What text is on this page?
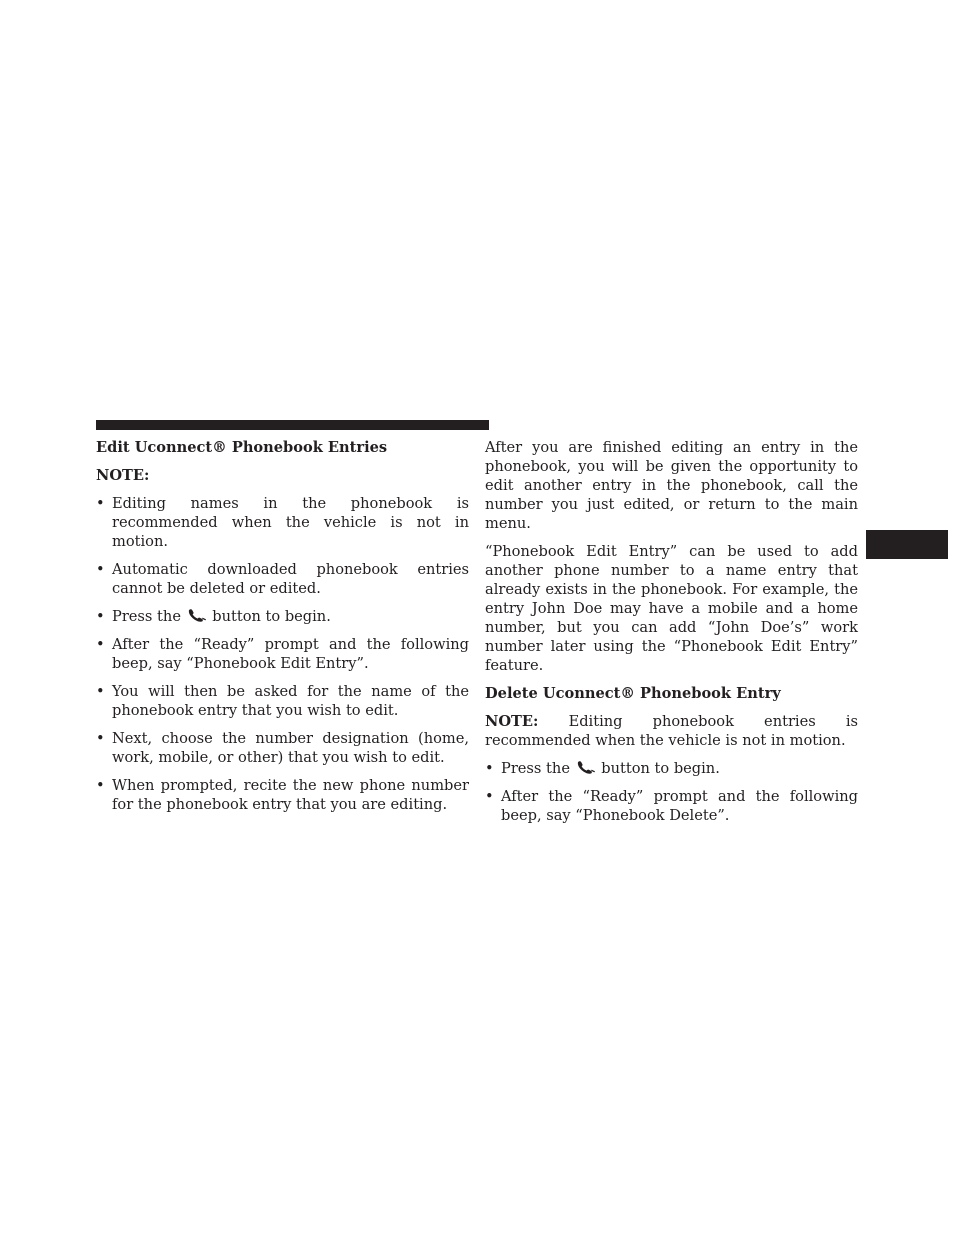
Edit Uconnect® Phonebook Entries
NOTE:
• Editing names in the phonebook is recommended when the vehicle is not in motion.
• Automatic downloaded phonebook entries cannot be deleted or edited.
• Press the button to begin.
• After the “Ready” prompt and the following beep, say “Phonebook Edit Entry”.
• You will then be asked for the name of the phonebook entry that you wish to edit.
• Next, choose the number designation (home, work, mobile, or other) that you wish to edit.
• When prompted, recite the new phone number for the phonebook entry that you are editing.

After you are finished editing an entry in the phonebook, you will be given the opportunity to edit another entry in the phonebook, call the number you just edited, or return to the main menu.

“Phonebook Edit Entry” can be used to add another phone number to a name entry that already exists in the phonebook. For example, the entry John Doe may have a mobile and a home number, but you can add “John Doe’s” work number later using the “Phonebook Edit Entry” feature.

Delete Uconnect® Phonebook Entry

NOTE: Editing phonebook entries is recommended when the vehicle is not in motion.

• Press the button to begin.
• After the “Ready” prompt and the following beep, say “Phonebook Delete”.
